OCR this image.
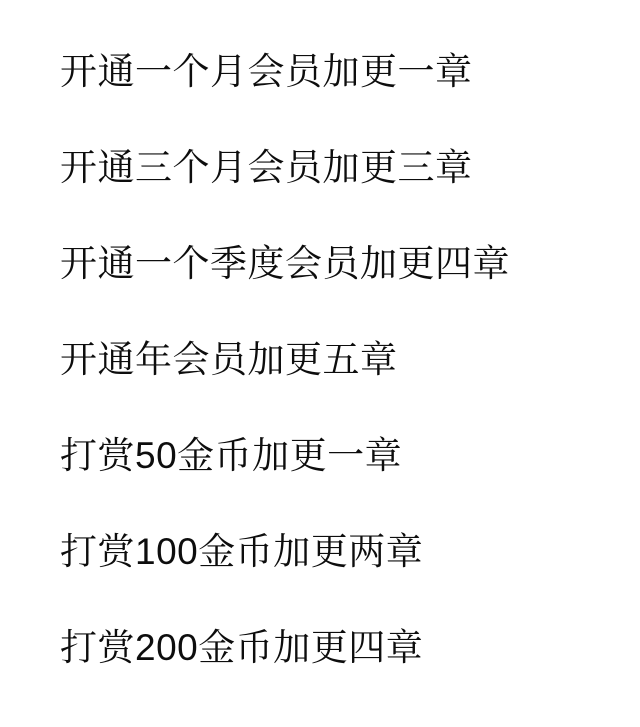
开通一个月会员加更一章
开通三个月会员加更三章
开通一个季度会员加更四章
开通年会员加更五章
打赏50金币加更一章
打赏100金币加更两章
打赏200金币加更四章
